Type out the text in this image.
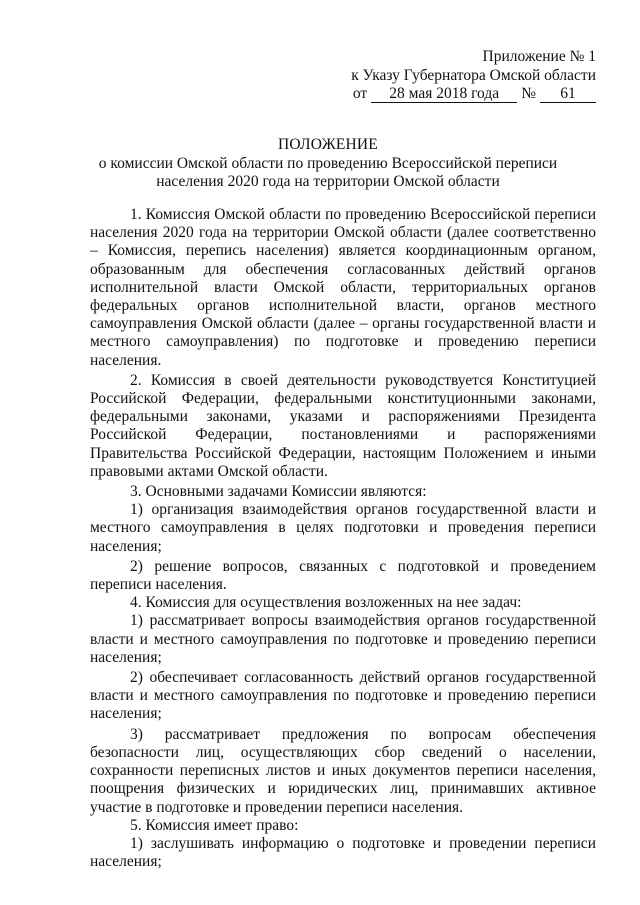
Приложение № 1
к Указу Губернатора Омской области
от	28 мая 2018 года	№	61
ПОЛОЖЕНИЕ
о комиссии Омской области по проведению Всероссийской переписи
населения 2020 года на территории Омской области

1. Комиссия Омской области по проведению Всероссийской переписи населения 2020 года на территории Омской области (далее соответственно – Комиссия, перепись населения) является координационным органом, образованным для обеспечения согласованных действий органов исполнительной власти Омской области, территориальных органов федеральных органов исполнительной власти, органов местного самоуправления Омской области (далее – органы государственной власти и местного самоуправления) по подготовке и проведению переписи населения.

2. Комиссия в своей деятельности руководствуется Конституцией Российской Федерации, федеральными конституционными законами, федеральными законами, указами и распоряжениями Президента Российской Федерации, постановлениями и распоряжениями Правительства Российской Федерации, настоящим Положением и иными правовыми актами Омской области.

3. Основными задачами Комиссии являются:

1) организация взаимодействия органов государственной власти и местного самоуправления в целях подготовки и проведения переписи населения;

2) решение вопросов, связанных с подготовкой и проведением переписи населения.

4. Комиссия для осуществления возложенных на нее задач:

1) рассматривает вопросы взаимодействия органов государственной власти и местного самоуправления по подготовке и проведению переписи населения;

2) обеспечивает согласованность действий органов государственной власти и местного самоуправления по подготовке и проведению переписи населения;

3) рассматривает предложения по вопросам обеспечения безопасности лиц, осуществляющих сбор сведений о населении, сохранности переписных листов и иных документов переписи населения, поощрения физических и юридических лиц, принимавших активное участие в подготовке и проведении переписи населения.

5. Комиссия имеет право:

1) заслушивать информацию о подготовке и проведении переписи населения;
